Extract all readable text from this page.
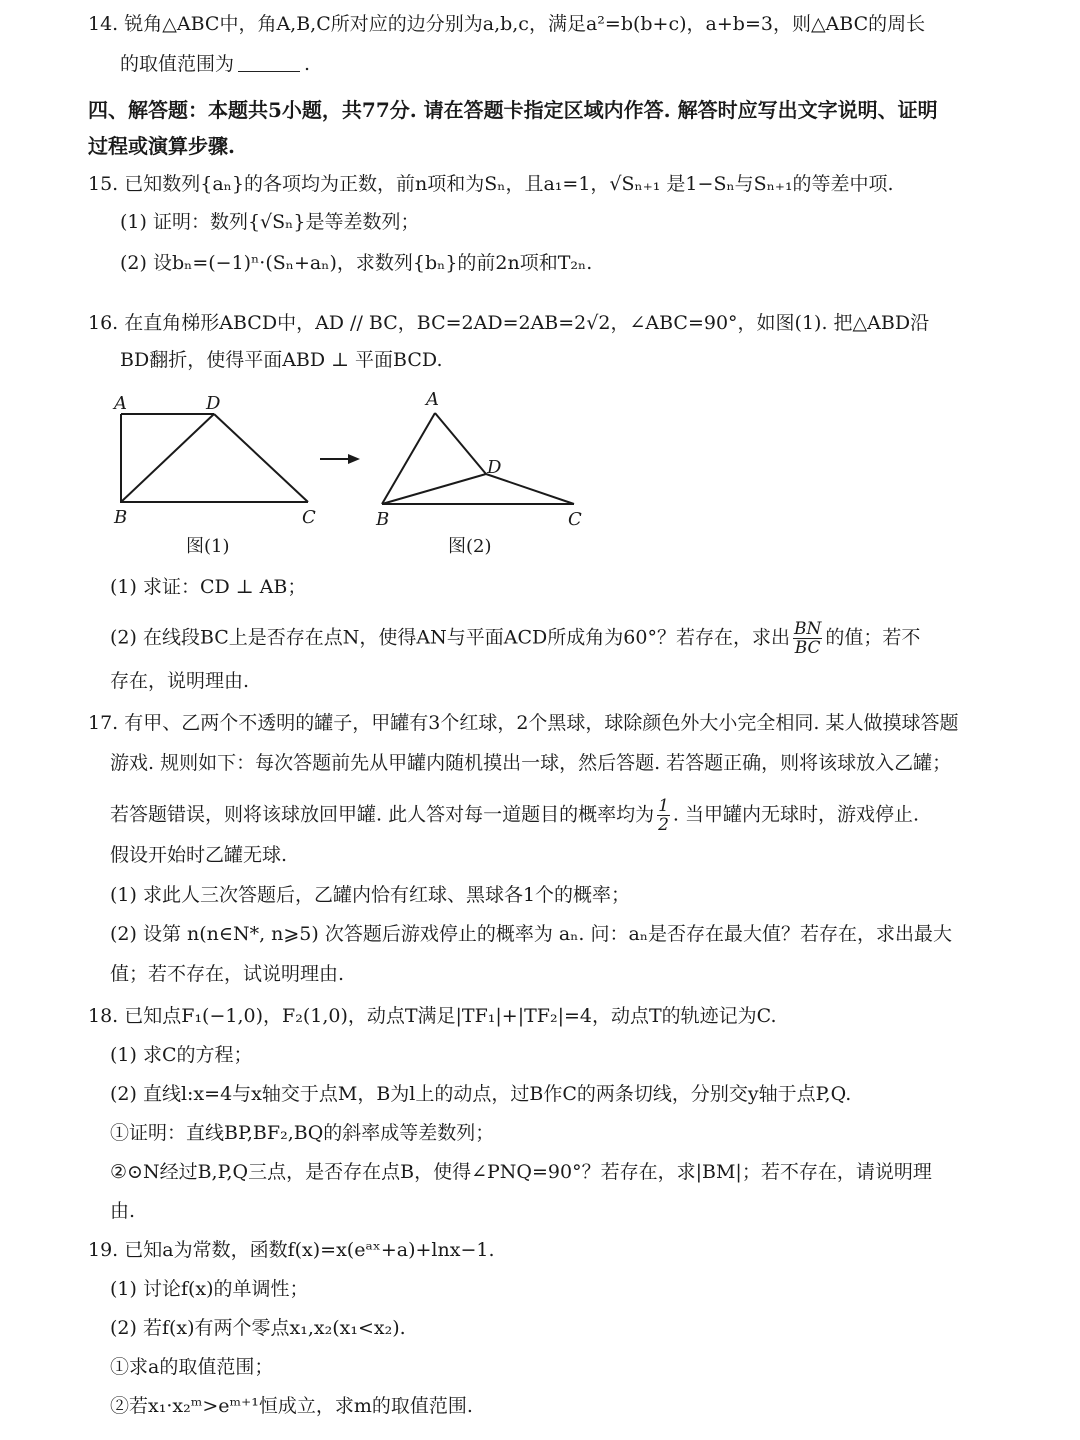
14. 锐角△ABC中，角A,B,C所对应的边分别为a,b,c，满足a²=b(b+c)，a+b=3，则△ABC的周长
的取值范围为	.
四、解答题：本题共5小题，共77分. 请在答题卡指定区域内作答. 解答时应写出文字说明、证明
过程或演算步骤.
15. 已知数列{aₙ}的各项均为正数，前n项和为Sₙ，且a₁=1，√Sₙ₊₁ 是1−Sₙ与Sₙ₊₁的等差中项.
(1) 证明：数列{√Sₙ}是等差数列；
(2) 设bₙ=(−1)ⁿ·(Sₙ+aₙ)，求数列{bₙ}的前2n项和T₂ₙ.
16. 在直角梯形ABCD中，AD // BC，BC=2AD=2AB=2√2，∠ABC=90°，如图(1). 把△ABD沿
BD翻折，使得平面ABD ⊥ 平面BCD.
A	D
B	C
A
D
B	C
图(1)	图(2)
(1) 求证：CD ⊥ AB；
(2) 在线段BC上是否存在点N，使得AN与平面ACD所成角为60°？若存在，求出 $\frac{BN}{BC}$ 的值；若不
存在，说明理由.
17. 有甲、乙两个不透明的罐子，甲罐有3个红球，2个黑球，球除颜色外大小完全相同. 某人做摸球答题
游戏. 规则如下：每次答题前先从甲罐内随机摸出一球，然后答题. 若答题正确，则将该球放入乙罐；
若答题错误，则将该球放回甲罐. 此人答对每一道题目的概率均为 $\frac{1}{2}$ . 当甲罐内无球时，游戏停止.
假设开始时乙罐无球.
(1) 求此人三次答题后，乙罐内恰有红球、黑球各1个的概率；
(2) 设第 n(n∈N*, n⩾5) 次答题后游戏停止的概率为 aₙ. 问：aₙ是否存在最大值？若存在，求出最大
值；若不存在，试说明理由.
18. 已知点F₁(−1,0)，F₂(1,0)，动点T满足|TF₁|+|TF₂|=4，动点T的轨迹记为C.
(1) 求C的方程；
(2) 直线l:x=4与x轴交于点M，B为l上的动点，过B作C的两条切线，分别交y轴于点P,Q.
①证明：直线BP,BF₂,BQ的斜率成等差数列；
②⊙N经过B,P,Q三点，是否存在点B，使得∠PNQ=90°？若存在，求|BM|；若不存在，请说明理
由.
19. 已知a为常数，函数f(x)=x(eᵃˣ+a)+lnx−1.
(1) 讨论f(x)的单调性；
(2) 若f(x)有两个零点x₁,x₂(x₁<x₂).
①求a的取值范围；
②若x₁·x₂ᵐ>eᵐ⁺¹恒成立，求m的取值范围.
